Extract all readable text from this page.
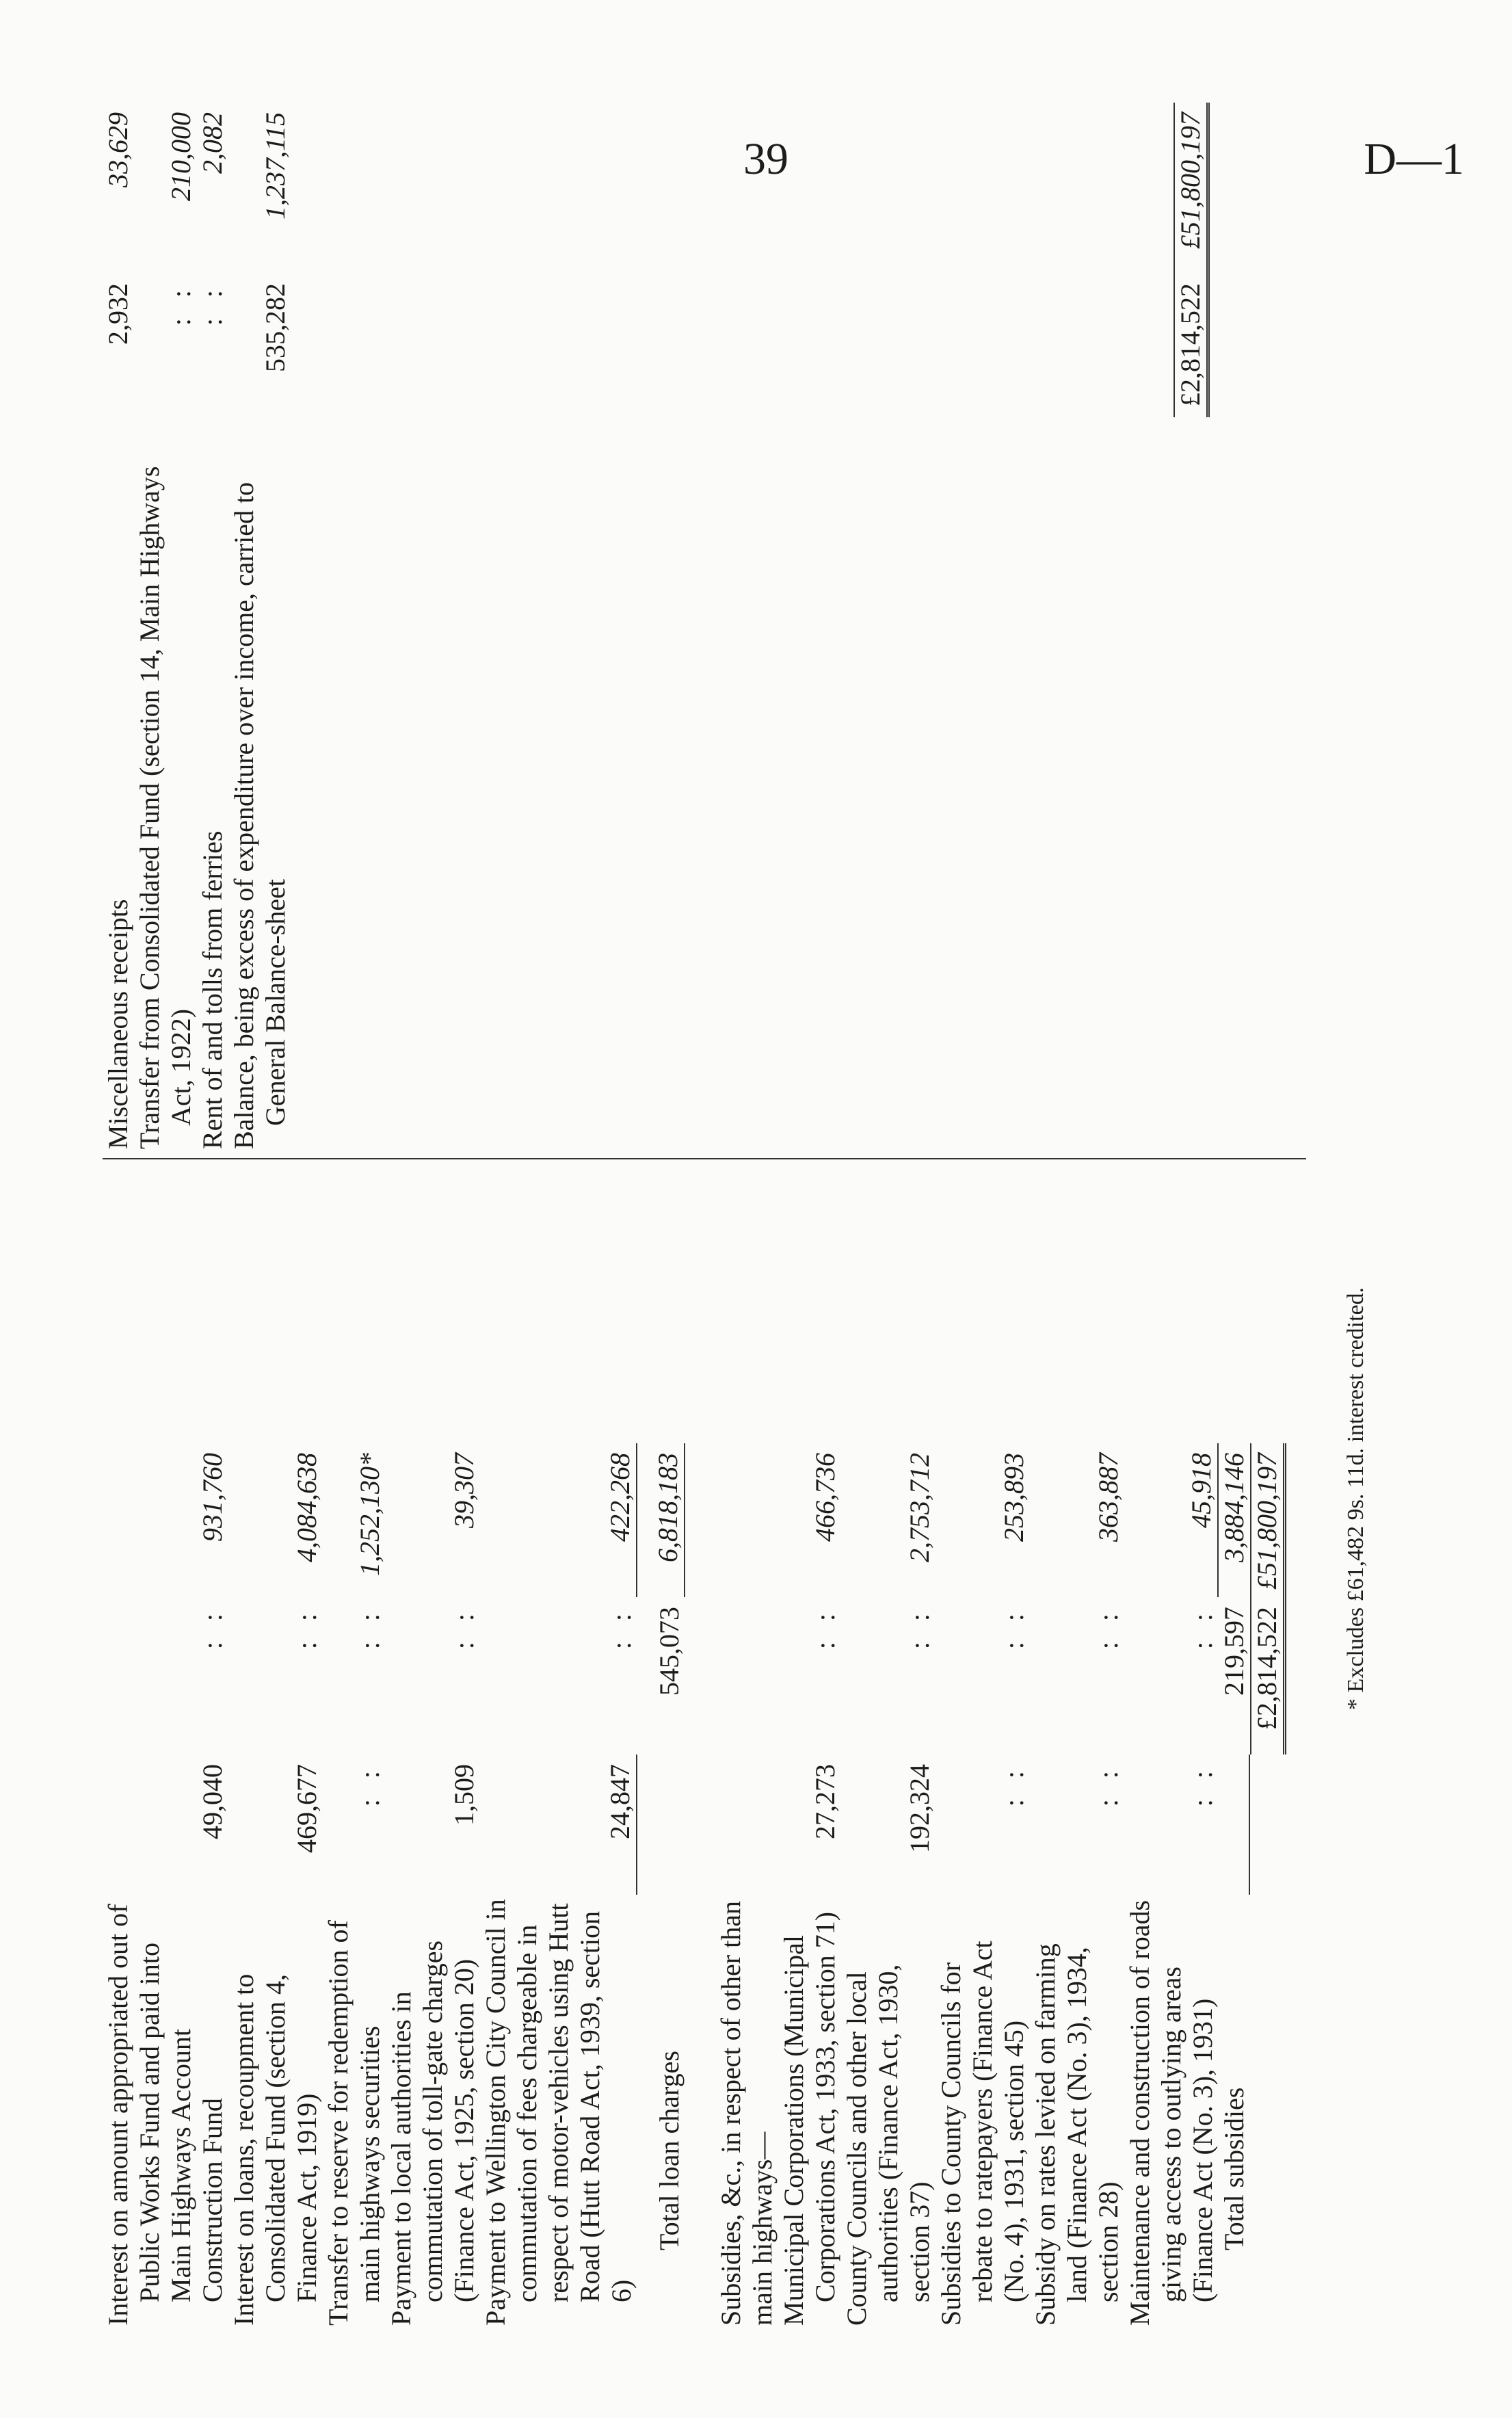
39	D—1
Interest on amount appropriated out of Public Works Fund and paid into Main Highways Account Construction Fund
49,040
: :
931,760
Interest on loans, recoupment to Consolidated Fund (section 4, Finance Act, 1919)
469,677
: :
4,084,638
Transfer to reserve for redemption of main highways securities
: :
: :
1,252,130*
Payment to local authorities in commutation of toll-gate charges (Finance Act, 1925, section 20)
1,509
: :
39,307
Payment to Wellington City Council in commutation of fees chargeable in respect of motor-vehicles using Hutt Road (Hutt Road Act, 1939, section 6)
24,847
: :
422,268
Total loan charges
545,073
6,818,183
Subsidies, &c., in respect of other than main highways— Municipal Corporations (Municipal Corporations Act, 1933, section 71)
27,273
: :
466,736
County Councils and other local authorities (Finance Act, 1930, section 37)
192,324
: :
2,753,712
Subsidies to County Councils for rebate to ratepayers (Finance Act (No. 4), 1931, section 45)
: :
: :
253,893
Subsidy on rates levied on farming land (Finance Act (No. 3), 1934, section 28)
: :
: :
363,887
Maintenance and construction of roads giving access to outlying areas (Finance Act (No. 3), 1931)
: :
: :
45,918
Total subsidies
219,597
3,884,146
£2,814,522
£51,800,197
Miscellaneous receipts
2,932
33,629
Transfer from Consolidated Fund (section 14, Main Highways Act, 1922)
: :
210,000
Rent of and tolls from ferries
: :
2,082
Balance, being excess of expenditure over income, carried to General Balance-sheet
535,282
1,237,115
£2,814,522
£51,800,197
* Excludes £61,482 9s. 11d. interest credited.
